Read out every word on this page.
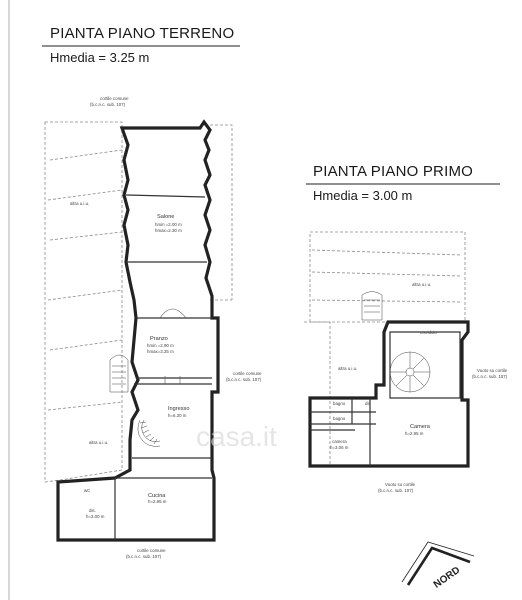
PIANTA PIANO TERRENO
Hmedia = 3.25 m
PIANTA PIANO PRIMO
Hmedia = 3.00 m
Salone
hmin =2.00 m
hmax=2.30 m
Pranzo
hmin =2.90 m
hmax=3.25 m
Ingresso
h=6.30 m
Cucina
h=2.95 m
wC
dis.
h=3.00 m
altra u.i.u.
altra u.i.u.
cortile comune
(b.c.n.c. sub. 107)
cortile comune
(b.c.n.c. sub. 107)
cortile comune
(b.c.n.c. sub. 107)
corridoio
bagno
bagno
dis
camera
h=3.06 m
Camera
h=2.95 m
altra u.i.u.
altra u.i.u.	Vuoto su cortile
(b.c.n.c. sub. 107)
Vuoto su cortile
(b.c.n.c. sub. 107)
casa.it
NORD
